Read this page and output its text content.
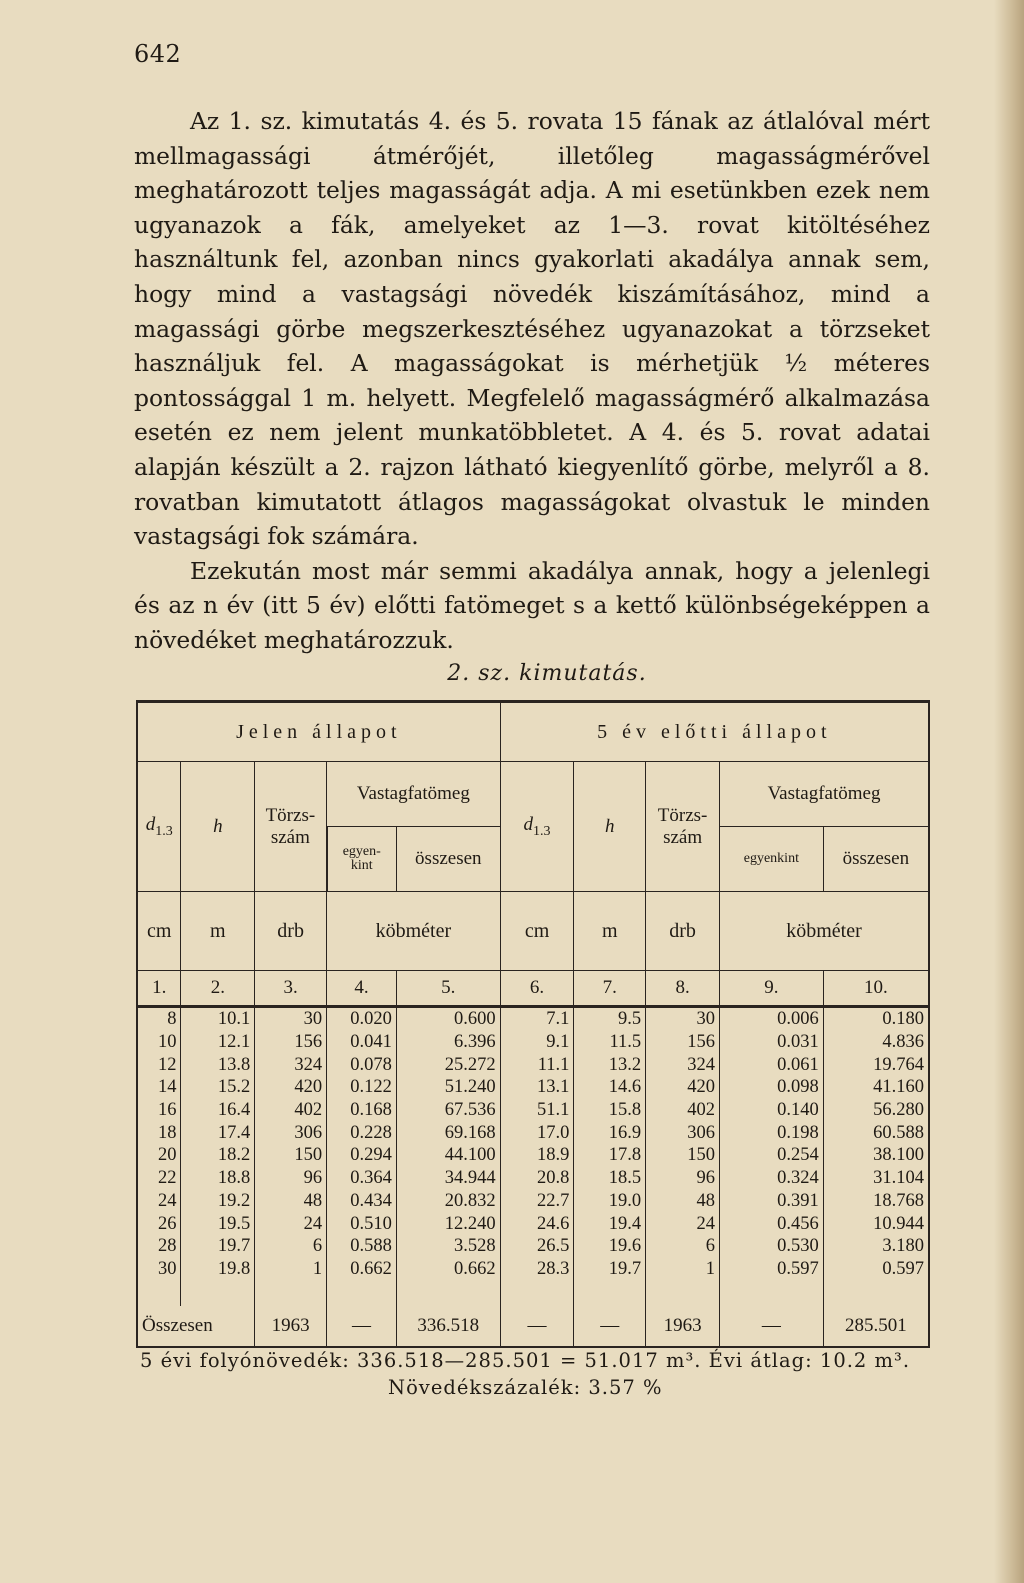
642

Az 1. sz. kimutatás 4. és 5. rovata 15 fának az átlalóval mért mellmagassági átmérőjét, illetőleg magasságmérővel meghatározott teljes magasságát adja. A mi esetünkben ezek nem ugyanazok a fák, amelyeket az 1—3. rovat kitöltéséhez használtunk fel, azonban nincs gyakorlati akadálya annak sem, hogy mind a vastagsági növedék kiszámításához, mind a magassági görbe megszerkesztéséhez ugyanazokat a törzseket használjuk fel. A magasságokat is mérhetjük ½ méteres pontossággal 1 m. helyett. Megfelelő magasságmérő alkalmazása esetén ez nem jelent munkatöbbletet. A 4. és 5. rovat adatai alapján készült a 2. rajzon látható kiegyenlítő görbe, melyről a 8. rovatban kimutatott átlagos magasságokat olvastuk le minden vastagsági fok számára.

Ezekután most már semmi akadálya annak, hogy a jelenlegi és az n év (itt 5 év) előtti fatömeget s a kettő különbségeképpen a növedéket meghatározzuk.

2. sz. kimutatás.
Jelen állapot					5 év előtti állapot				
$d_{1.3}$	h	Törzs- szám	Vastagfatömeg		$d_{1.3}$	h	Törzs- szám	Vastagfatömeg	
			egyen- kint	összesen				egyenkint	összesen
cm	m	drb	köbméter		cm	m	drb	köbméter	
1.	2.	3.	4.	5.	6.	7.	8.	9.	10.
8	10.1	30	0.020	0.600	7.1	9.5	30	0.006	0.180
10	12.1	156	0.041	6.396	9.1	11.5	156	0.031	4.836
12	13.8	324	0.078	25.272	11.1	13.2	324	0.061	19.764
14	15.2	420	0.122	51.240	13.1	14.6	420	0.098	41.160
16	16.4	402	0.168	67.536	51.1	15.8	402	0.140	56.280
18	17.4	306	0.228	69.168	17.0	16.9	306	0.198	60.588
20	18.2	150	0.294	44.100	18.9	17.8	150	0.254	38.100
22	18.8	96	0.364	34.944	20.8	18.5	96	0.324	31.104
24	19.2	48	0.434	20.832	22.7	19.0	48	0.391	18.768
26	19.5	24	0.510	12.240	24.6	19.4	24	0.456	10.944
28	19.7	6	0.588	3.528	26.5	19.6	6	0.530	3.180
30	19.8	1	0.662	0.662	28.3	19.7	1	0.597	0.597

Összesen		1963	—	336.518	—	—	1963	—	285.501
5 évi folyónövedék: 336.518—285.501 = 51.017 m³. Évi átlag: 10.2 m³.
Növedékszázalék: 3.57 %
